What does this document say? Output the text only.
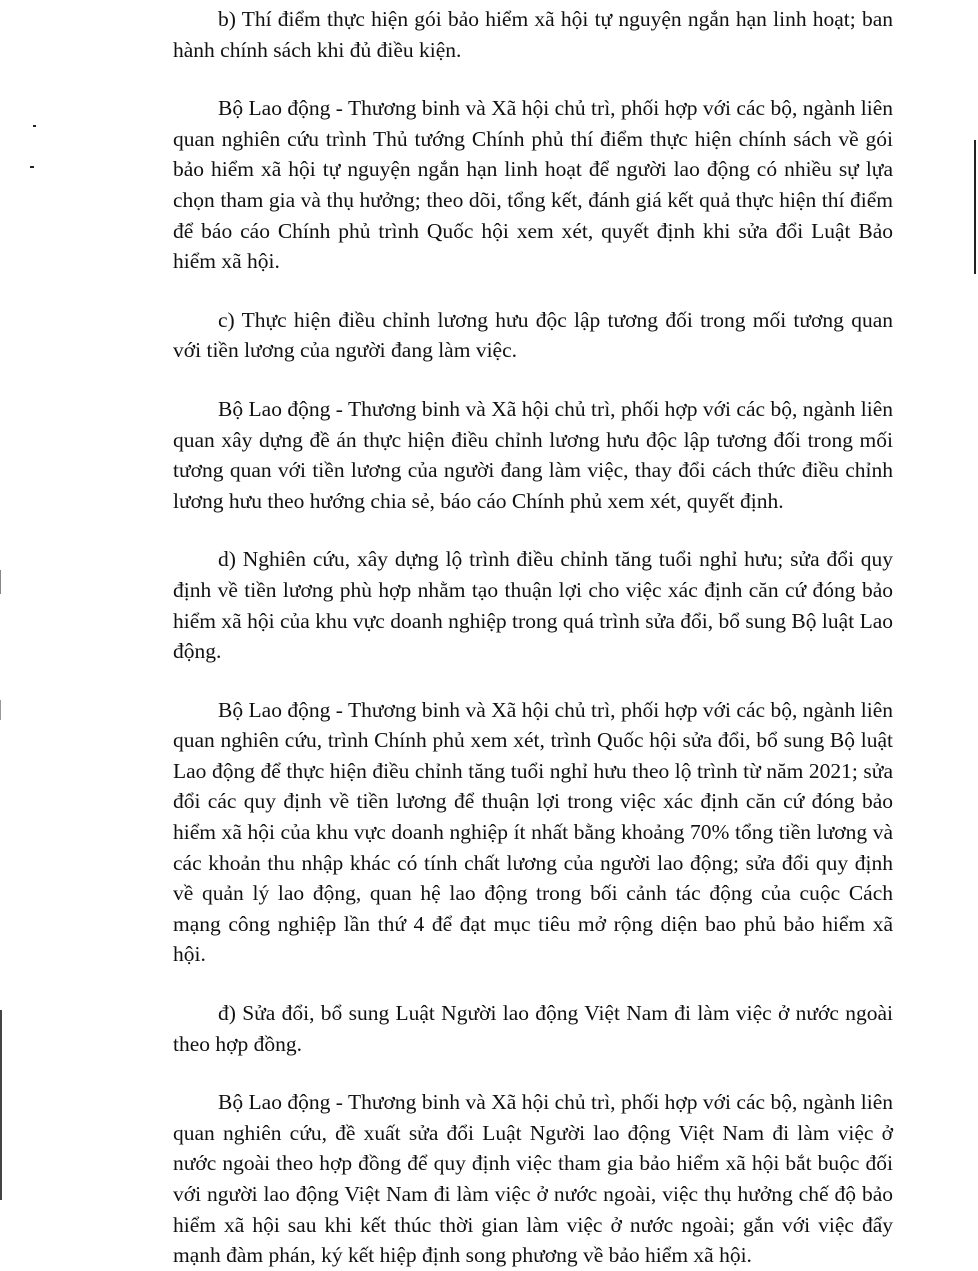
b) Thí điểm thực hiện gói bảo hiểm xã hội tự nguyện ngắn hạn linh hoạt; ban hành chính sách khi đủ điều kiện.

Bộ Lao động - Thương binh và Xã hội chủ trì, phối hợp với các bộ, ngành liên quan nghiên cứu trình Thủ tướng Chính phủ thí điểm thực hiện chính sách về gói bảo hiểm xã hội tự nguyện ngắn hạn linh hoạt để người lao động có nhiều sự lựa chọn tham gia và thụ hưởng; theo dõi, tổng kết, đánh giá kết quả thực hiện thí điểm để báo cáo Chính phủ trình Quốc hội xem xét, quyết định khi sửa đổi Luật Bảo hiểm xã hội.

c) Thực hiện điều chỉnh lương hưu độc lập tương đối trong mối tương quan với tiền lương của người đang làm việc.

Bộ Lao động - Thương binh và Xã hội chủ trì, phối hợp với các bộ, ngành liên quan xây dựng đề án thực hiện điều chỉnh lương hưu độc lập tương đối trong mối tương quan với tiền lương của người đang làm việc, thay đổi cách thức điều chỉnh lương hưu theo hướng chia sẻ, báo cáo Chính phủ xem xét, quyết định.

d) Nghiên cứu, xây dựng lộ trình điều chỉnh tăng tuổi nghỉ hưu; sửa đổi quy định về tiền lương phù hợp nhằm tạo thuận lợi cho việc xác định căn cứ đóng bảo hiểm xã hội của khu vực doanh nghiệp trong quá trình sửa đổi, bổ sung Bộ luật Lao động.

Bộ Lao động - Thương binh và Xã hội chủ trì, phối hợp với các bộ, ngành liên quan nghiên cứu, trình Chính phủ xem xét, trình Quốc hội sửa đổi, bổ sung Bộ luật Lao động để thực hiện điều chỉnh tăng tuổi nghỉ hưu theo lộ trình từ năm 2021; sửa đổi các quy định về tiền lương để thuận lợi trong việc xác định căn cứ đóng bảo hiểm xã hội của khu vực doanh nghiệp ít nhất bằng khoảng 70% tổng tiền lương và các khoản thu nhập khác có tính chất lương của người lao động; sửa đổi quy định về quản lý lao động, quan hệ lao động trong bối cảnh tác động của cuộc Cách mạng công nghiệp lần thứ 4 để đạt mục tiêu mở rộng diện bao phủ bảo hiểm xã hội.

đ) Sửa đổi, bổ sung Luật Người lao động Việt Nam đi làm việc ở nước ngoài theo hợp đồng.

Bộ Lao động - Thương binh và Xã hội chủ trì, phối hợp với các bộ, ngành liên quan nghiên cứu, đề xuất sửa đổi Luật Người lao động Việt Nam đi làm việc ở nước ngoài theo hợp đồng để quy định việc tham gia bảo hiểm xã hội bắt buộc đối với người lao động Việt Nam đi làm việc ở nước ngoài, việc thụ hưởng chế độ bảo hiểm xã hội sau khi kết thúc thời gian làm việc ở nước ngoài; gắn với việc đẩy mạnh đàm phán, ký kết hiệp định song phương về bảo hiểm xã hội.
